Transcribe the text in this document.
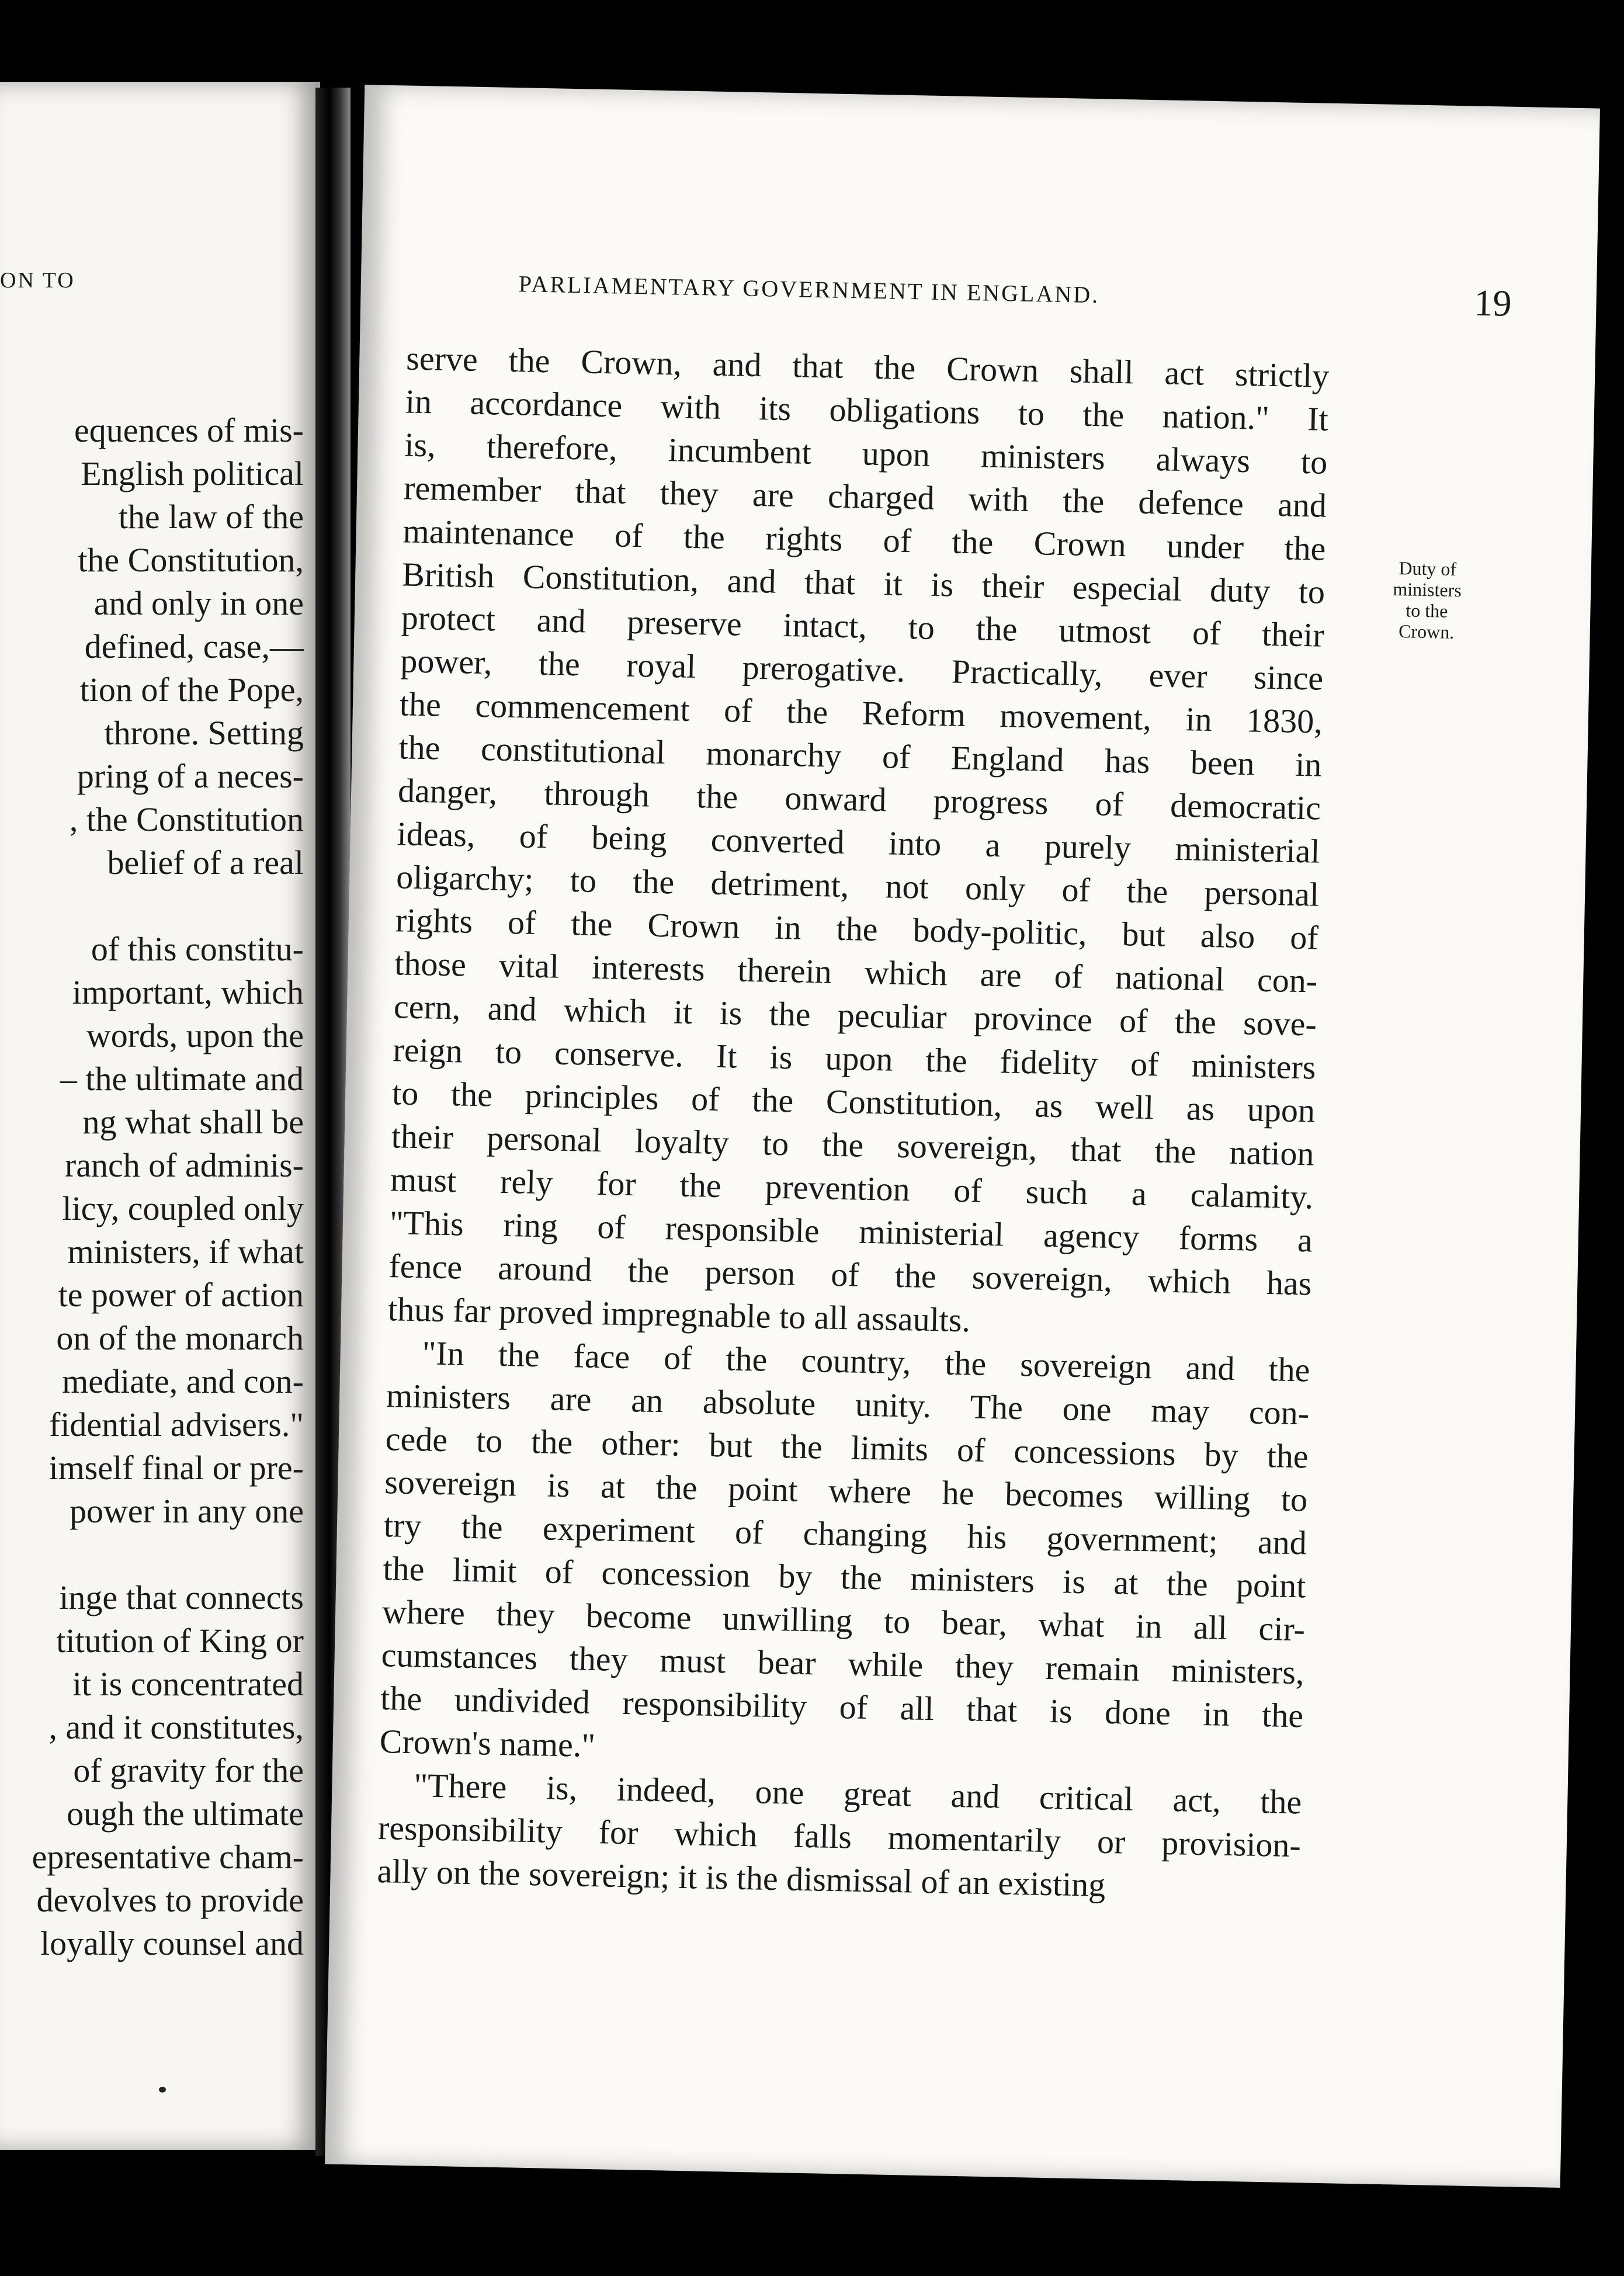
ON TO
equences of mis-
English political
the law of the
the Constitution,
and only in one
defined, case,—
tion of the Pope,
throne. Setting
pring of a neces-
, the Constitution
belief of a real
of this constitu-
important, which
words, upon the
– the ultimate and
ng what shall be
ranch of adminis-
licy, coupled only
ministers, if what
te power of action
on of the monarch
mediate, and con-
fidential advisers."
imself final or pre-
power in any one
inge that connects
titution of King or
it is concentrated
, and it constitutes,
of gravity for the
ough the ultimate
epresentative cham-
devolves to provide
loyally counsel and
PARLIAMENTARY GOVERNMENT IN ENGLAND.	19
serve the Crown, and that the Crown shall act strictly
in accordance with its obligations to the nation." It
is, therefore, incumbent upon ministers always to
remember that they are charged with the defence and
maintenance of the rights of the Crown under the
British Constitution, and that it is their especial duty to
protect and preserve intact, to the utmost of their
power, the royal prerogative. Practically, ever since
the commencement of the Reform movement, in 1830,
the constitutional monarchy of England has been in
danger, through the onward progress of democratic
ideas, of being converted into a purely ministerial
oligarchy; to the detriment, not only of the personal
rights of the Crown in the body-politic, but also of
those vital interests therein which are of national con-
cern, and which it is the peculiar province of the sove-
reign to conserve. It is upon the fidelity of ministers
to the principles of the Constitution, as well as upon
their personal loyalty to the sovereign, that the nation
must rely for the prevention of such a calamity.
"This ring of responsible ministerial agency forms a
fence around the person of the sovereign, which has
thus far proved impregnable to all assaults.
"In the face of the country, the sovereign and the
ministers are an absolute unity. The one may con-
cede to the other: but the limits of concessions by the
sovereign is at the point where he becomes willing to
try the experiment of changing his government; and
the limit of concession by the ministers is at the point
where they become unwilling to bear, what in all cir-
cumstances they must bear while they remain ministers,
the undivided responsibility of all that is done in the
Crown's name."
"There is, indeed, one great and critical act, the
responsibility for which falls momentarily or provision-
ally on the sovereign; it is the dismissal of an existing
Duty of
ministers
to the
Crown.
